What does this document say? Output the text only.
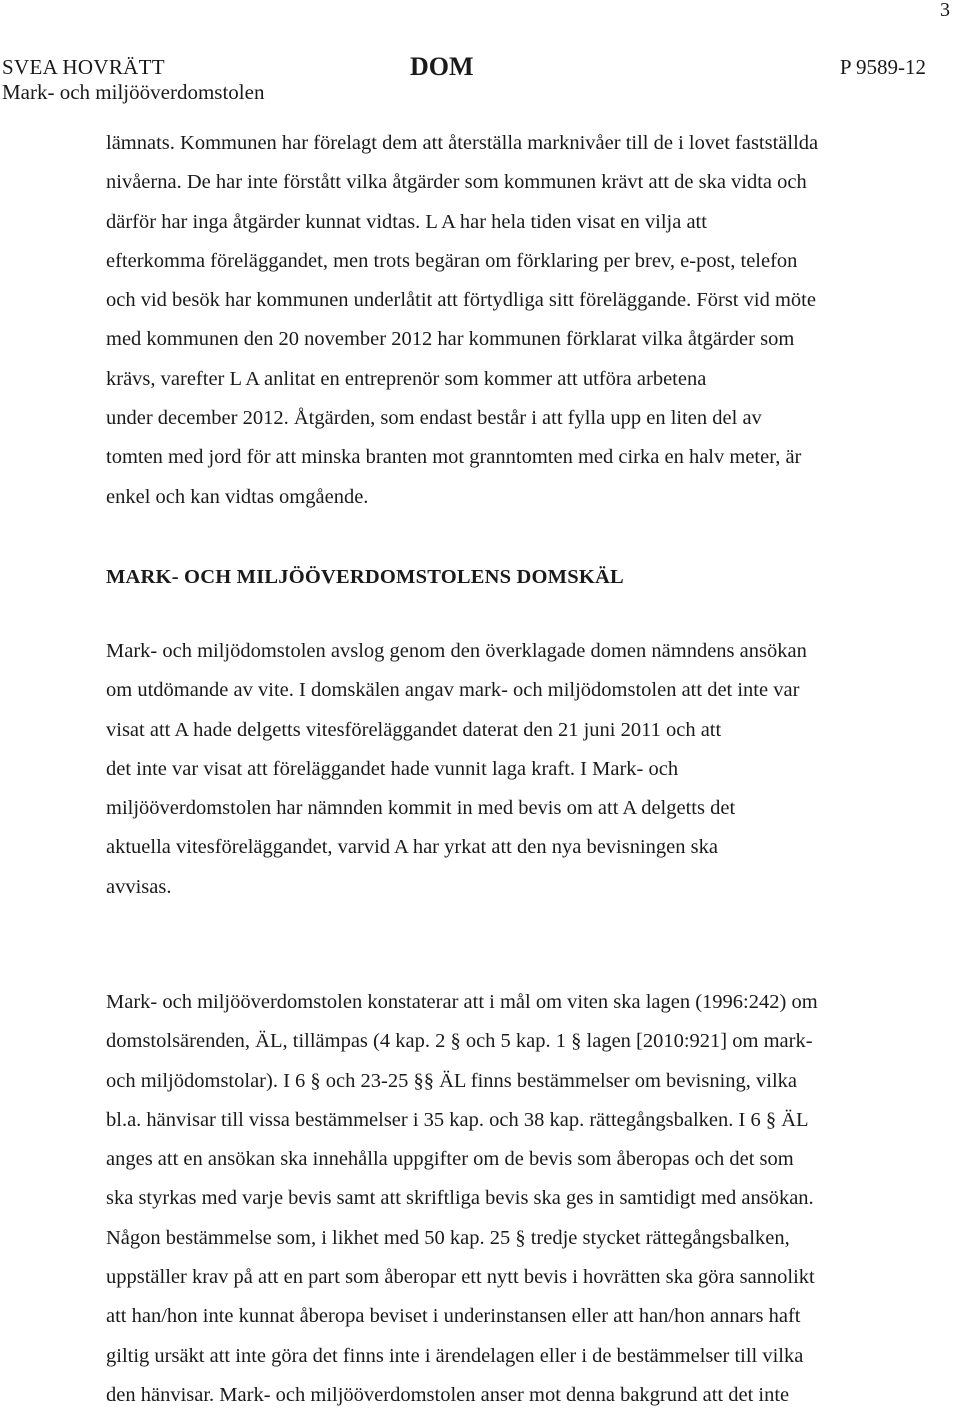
3
SVEA HOVRÄTT
Mark- och miljööverdomstolen
DOM	P 9589-12
lämnats. Kommunen har förelagt dem att återställa marknivåer till de i lovet fastställda
nivåerna. De har inte förstått vilka åtgärder som kommunen krävt att de ska vidta och
därför har inga åtgärder kunnat vidtas. L A har hela tiden visat en vilja att
efterkomma föreläggandet, men trots begäran om förklaring per brev, e-post, telefon
och vid besök har kommunen underlåtit att förtydliga sitt föreläggande. Först vid möte
med kommunen den 20 november 2012 har kommunen förklarat vilka åtgärder som
krävs, varefter L A anlitat en entreprenör som kommer att utföra arbetena
under december 2012. Åtgärden, som endast består i att fylla upp en liten del av
tomten med jord för att minska branten mot granntomten med cirka en halv meter, är
enkel och kan vidtas omgående.
MARK- OCH MILJÖÖVERDOMSTOLENS DOMSKÄL
Mark- och miljödomstolen avslog genom den överklagade domen nämndens ansökan
om utdömande av vite. I domskälen angav mark- och miljödomstolen att det inte var
visat att A hade delgetts vitesföreläggandet daterat den 21 juni 2011 och att
det inte var visat att föreläggandet hade vunnit laga kraft. I Mark- och
miljööverdomstolen har nämnden kommit in med bevis om att A delgetts det
aktuella vitesföreläggandet, varvid A har yrkat att den nya bevisningen ska
avvisas.
Mark- och miljööverdomstolen konstaterar att i mål om viten ska lagen (1996:242) om
domstolsärenden, ÄL, tillämpas (4 kap. 2 § och 5 kap. 1 § lagen [2010:921] om mark-
och miljödomstolar). I 6 § och 23-25 §§ ÄL finns bestämmelser om bevisning, vilka
bl.a. hänvisar till vissa bestämmelser i 35 kap. och 38 kap. rättegångsbalken. I 6 § ÄL
anges att en ansökan ska innehålla uppgifter om de bevis som åberopas och det som
ska styrkas med varje bevis samt att skriftliga bevis ska ges in samtidigt med ansökan.
Någon bestämmelse som, i likhet med 50 kap. 25 § tredje stycket rättegångsbalken,
uppställer krav på att en part som åberopar ett nytt bevis i hovrätten ska göra sannolikt
att han/hon inte kunnat åberopa beviset i underinstansen eller att han/hon annars haft
giltig ursäkt att inte göra det finns inte i ärendelagen eller i de bestämmelser till vilka
den hänvisar. Mark- och miljööverdomstolen anser mot denna bakgrund att det inte
